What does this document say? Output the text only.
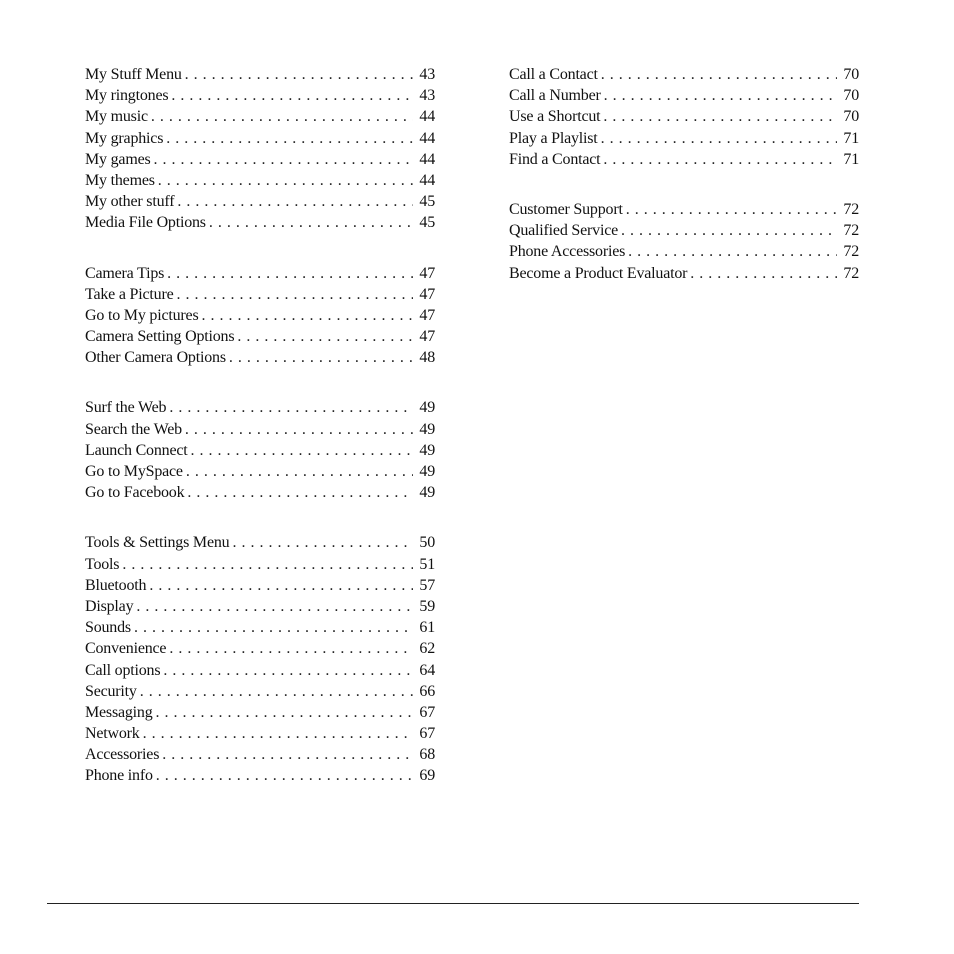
My Stuff Menu . . .	43
My ringtones . . .	43
My music . . .	44
My graphics . . .	44
My games . . .	44
My themes . . .	44
My other stuff . . .	45
Media File Options . . .	45
Camera Tips . . .	47
Take a Picture . . .	47
Go to My pictures . . .	47
Camera Setting Options . . .	47
Other Camera Options . . .	48
Surf the Web . . .	49
Search the Web . . .	49
Launch Connect . . .	49
Go to MySpace . . .	49
Go to Facebook . . .	49
Tools & Settings Menu . . .	50
Tools . . .	51
Bluetooth . . .	57
Display . . .	59
Sounds . . .	61
Convenience . . .	62
Call options . . .	64
Security . . .	66
Messaging . . .	67
Network . . .	67
Accessories . . .	68
Phone info . . .	69
Call a Contact . . .	70
Call a Number . . .	70
Use a Shortcut . . .	70
Play a Playlist . . .	71
Find a Contact . . .	71
Customer Support . . .	72
Qualified Service . . .	72
Phone Accessories . . .	72
Become a Product Evaluator . . .	72
